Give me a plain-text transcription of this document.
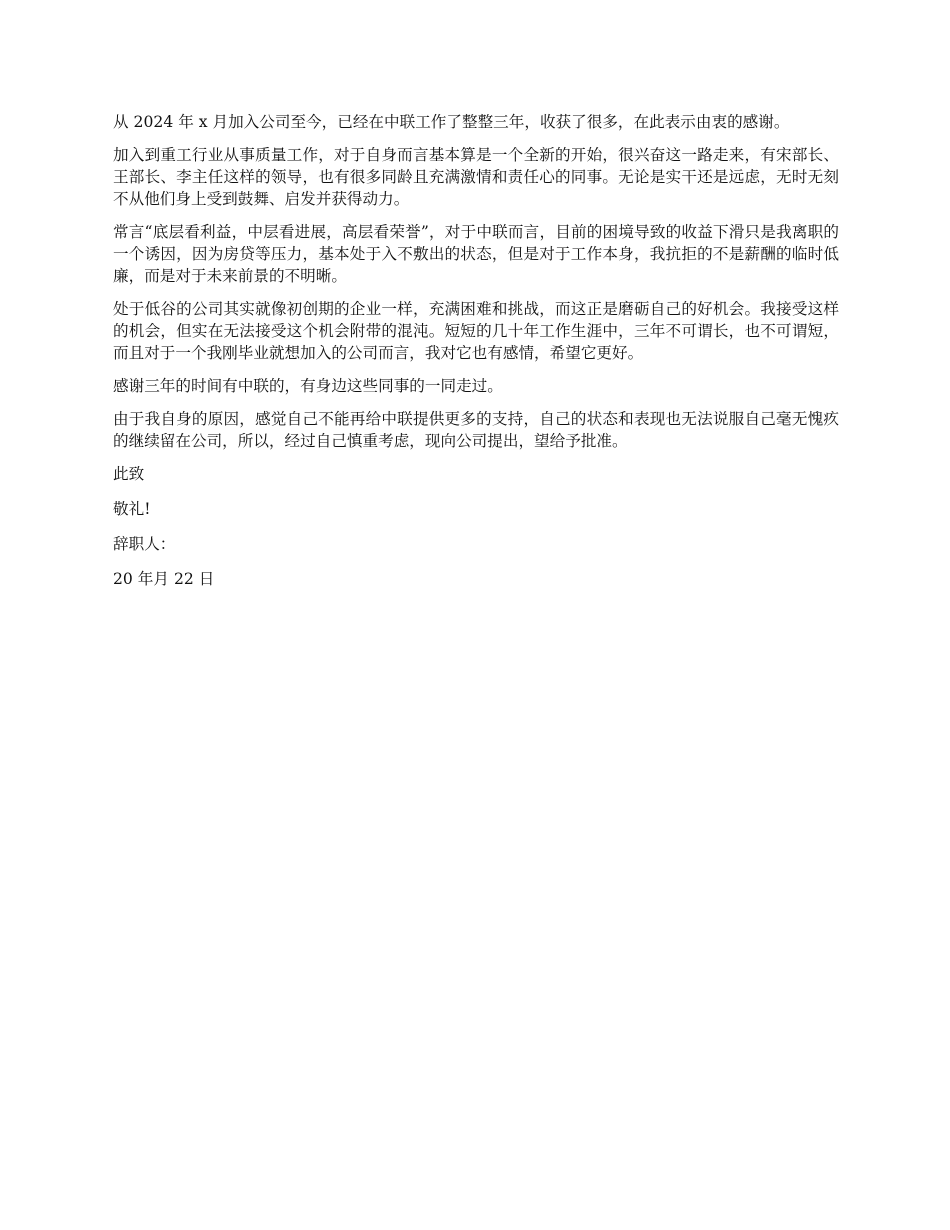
从 2024 年 x 月加入公司至今，已经在中联工作了整整三年，收获了很多，在此表示由衷的感谢。

加入到重工行业从事质量工作，对于自身而言基本算是一个全新的开始，很兴奋这一路走来，有宋部长、王部长、李主任这样的领导，也有很多同龄且充满激情和责任心的同事。无论是实干还是远虑，无时无刻不从他们身上受到鼓舞、启发并获得动力。

常言“底层看利益，中层看进展，高层看荣誉”，对于中联而言，目前的困境导致的收益下滑只是我离职的一个诱因，因为房贷等压力，基本处于入不敷出的状态，但是对于工作本身，我抗拒的不是薪酬的临时低廉，而是对于未来前景的不明晰。

处于低谷的公司其实就像初创期的企业一样，充满困难和挑战，而这正是磨砺自己的好机会。我接受这样的机会，但实在无法接受这个机会附带的混沌。短短的几十年工作生涯中，三年不可谓长，也不可谓短，而且对于一个我刚毕业就想加入的公司而言，我对它也有感情，希望它更好。

感谢三年的时间有中联的，有身边这些同事的一同走过。

由于我自身的原因，感觉自己不能再给中联提供更多的支持，自己的状态和表现也无法说服自己毫无愧疚的继续留在公司，所以，经过自己慎重考虑，现向公司提出，望给予批准。

此致

敬礼!

辞职人：

20 年月 22 日
